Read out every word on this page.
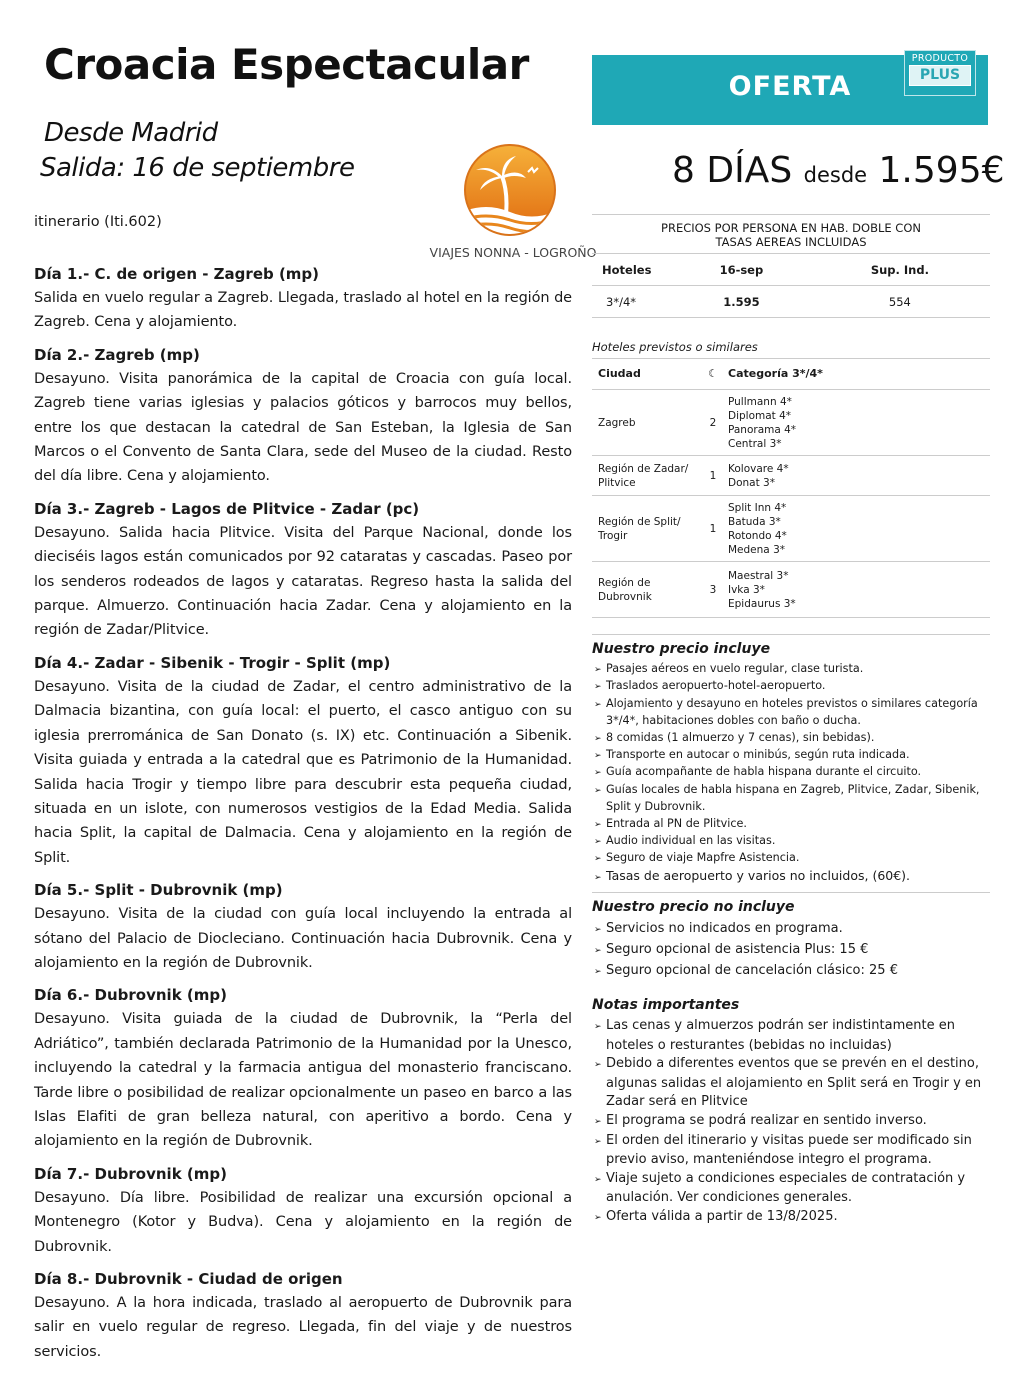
Croacia Espectacular
Desde Madrid
Salida: 16 de septiembre
itinerario (Iti.602)
VIAJES NONNA - LOGROÑO
OFERTA
PRODUCTO
PLUS
8 DÍAS desde 1.595€
PRECIOS POR PERSONA EN HAB. DOBLE CON
TASAS AEREAS INCLUIDAS
Hoteles	16-sep	Sup. Ind.
3*/4*	1.595	554
Hoteles previstos o similares
Ciudad	☾	Categoría 3*/4*
Zagreb	2	Pullmann 4*
Diplomat 4*
Panorama 4*
Central 3*

Región de Zadar/ Plitvice	1	Kolovare 4*
Donat 3*

Región de Split/ Trogir	1	Split Inn 4*
Batuda 3*
Rotondo 4*
Medena 3*

Región de Dubrovnik	3	Maestral 3*
Ivka 3*
Epidaurus 3*
Nuestro precio incluye
➢ Pasajes aéreos en vuelo regular, clase turista.
➢ Traslados aeropuerto-hotel-aeropuerto.
➢ Alojamiento y desayuno en hoteles previstos o similares categoría 3*/4*, habitaciones dobles con baño o ducha.
➢ 8 comidas (1 almuerzo y 7 cenas), sin bebidas).
➢ Transporte en autocar o minibús, según ruta indicada.
➢ Guía acompañante de habla hispana durante el circuito.
➢ Guías locales de habla hispana en Zagreb, Plitvice, Zadar, Sibenik, Split y Dubrovnik.
➢ Entrada al PN de Plitvice.
➢ Audio individual en las visitas.
➢ Seguro de viaje Mapfre Asistencia.
➢ Tasas de aeropuerto y varios no incluidos, (60€).
Nuestro precio no incluye
➢ Servicios no indicados en programa.
➢ Seguro opcional de asistencia Plus: 15 €
➢ Seguro opcional de cancelación clásico: 25 €
Notas importantes
➢ Las cenas y almuerzos podrán ser indistintamente en hoteles o resturantes (bebidas no incluidas)
➢ Debido a diferentes eventos que se prevén en el destino, algunas salidas el alojamiento en Split será en Trogir y en Zadar será en Plitvice
➢ El programa se podrá realizar en sentido inverso.
➢ El orden del itinerario y visitas puede ser modificado sin previo aviso, manteniéndose integro el programa.
➢ Viaje sujeto a condiciones especiales de contratación y anulación. Ver condiciones generales.
➢ Oferta válida a partir de 13/8/2025.

Día 1.- C. de origen - Zagreb (mp)

Salida en vuelo regular a Zagreb. Llegada, traslado al hotel en la región de Zagreb. Cena y alojamiento.

Día 2.- Zagreb (mp)

Desayuno. Visita panorámica de la capital de Croacia con guía local. Zagreb tiene varias iglesias y palacios góticos y barrocos muy bellos, entre los que destacan la catedral de San Esteban, la Iglesia de San Marcos o el Convento de Santa Clara, sede del Museo de la ciudad. Resto del día libre. Cena y alojamiento.

Día 3.- Zagreb - Lagos de Plitvice - Zadar (pc)

Desayuno. Salida hacia Plitvice. Visita del Parque Nacional, donde los dieciséis lagos están comunicados por 92 cataratas y cascadas. Paseo por los senderos rodeados de lagos y cataratas. Regreso hasta la salida del parque. Almuerzo. Continuación hacia Zadar. Cena y alojamiento en la región de Zadar/Plitvice.

Día 4.- Zadar - Sibenik - Trogir - Split (mp)

Desayuno. Visita de la ciudad de Zadar, el centro administrativo de la Dalmacia bizantina, con guía local: el puerto, el casco antiguo con su iglesia prerrománica de San Donato (s. IX) etc. Continuación a Sibenik. Visita guiada y entrada a la catedral que es Patrimonio de la Humanidad. Salida hacia Trogir y tiempo libre para descubrir esta pequeña ciudad, situada en un islote, con numerosos vestigios de la Edad Media. Salida hacia Split, la capital de Dalmacia. Cena y alojamiento en la región de Split.

Día 5.- Split - Dubrovnik (mp)

Desayuno. Visita de la ciudad con guía local incluyendo la entrada al sótano del Palacio de Diocleciano. Continuación hacia Dubrovnik. Cena y alojamiento en la región de Dubrovnik.

Día 6.- Dubrovnik (mp)

Desayuno. Visita guiada de la ciudad de Dubrovnik, la “Perla del Adriático”, también declarada Patrimonio de la Humanidad por la Unesco, incluyendo la catedral y la farmacia antigua del monasterio franciscano. Tarde libre o posibilidad de realizar opcionalmente un paseo en barco a las Islas Elafiti de gran belleza natural, con aperitivo a bordo. Cena y alojamiento en la región de Dubrovnik.

Día 7.- Dubrovnik (mp)

Desayuno. Día libre. Posibilidad de realizar una excursión opcional a Montenegro (Kotor y Budva). Cena y alojamiento en la región de Dubrovnik.

Día 8.- Dubrovnik - Ciudad de origen

Desayuno. A la hora indicada, traslado al aeropuerto de Dubrovnik para salir en vuelo regular de regreso. Llegada, fin del viaje y de nuestros servicios.
